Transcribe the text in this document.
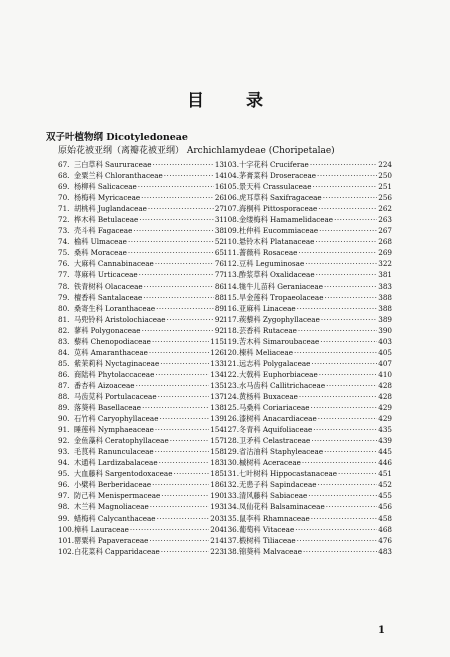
目 录
双子叶植物纲 Dicotyledoneae
原始花被亚纲（离瓣花被亚纲） Archichlamydeae (Choripetalae)
67. 三白草科 Saururaceae ·····	13
68. 金粟兰科 Chloranthaceae ·····	14
69. 杨柳科 Salicaceae ·····	16
70. 杨梅科 Myricaceae ·····	26
71. 胡桃科 Juglandaceae ·····	27
72. 桦木科 Betulaceae ·····	31
73. 壳斗科 Fagaceae ·····	38
74. 榆科 Ulmaceae ·····	52
75. 桑科 Moraceae ·····	65
76. 大麻科 Cannabinaceae ·····	76
77. 荨麻科 Urticaceae ·····	77
78. 铁青树科 Olacaceae ·····	86
79. 檀香科 Santalaceae ·····	88
80. 桑寄生科 Loranthaceae ·····	89
81. 马兜铃科 Aristolochiaceae ·····	92
82. 蓼科 Polygonaceae ·····	92
83. 藜科 Chenopodiaceae ·····	115
84. 苋科 Amaranthaceae ·····	126
85. 紫茉莉科 Nyctaginaceae ·····	133
86. 商陆科 Phytolaccaceae ·····	134
87. 番杏科 Aizoaceae ·····	135
88. 马齿苋科 Portulacaceae ·····	137
89. 落葵科 Basellaceae ·····	138
90. 石竹科 Caryophyllaceae ·····	139
91. 睡莲科 Nymphaeaceae ·····	154
92. 金鱼藻科 Ceratophyllaceae ·····	157
93. 毛茛科 Ranunculaceae ·····	158
94. 木通科 Lardizabalaceae ·····	183
95. 大血藤科 Sargentodoxaceae ·····	185
96. 小檗科 Berberidaceae ·····	186
97. 防己科 Menispermaceae ·····	190
98. 木兰科 Magnoliaceae ·····	193
99. 蜡梅科 Calycanthaceae ·····	203
100. 樟科 Lauraceae ·····	204
101. 罂粟科 Papaveraceae ·····	214
102. 白花菜科 Capparidaceae ·····	223
103. 十字花科 Cruciferae ·····	224
104. 茅膏菜科 Droseraceae ·····	250
105. 景天科 Crassulaceae ·····	251
106. 虎耳草科 Saxifragaceae ·····	256
107. 海桐科 Pittosporaceae ·····	262
108. 金缕梅科 Hamamelidaceae ·····	263
109. 杜仲科 Eucommiaceae ·····	267
110. 悬铃木科 Platanaceae ·····	268
111. 蔷薇科 Rosaceae ·····	269
112. 豆科 Leguminosae ·····	322
113. 酢浆草科 Oxalidaceae ·····	381
114. 牻牛儿苗科 Geraniaceae ·····	383
115. 旱金莲科 Tropaeolaceae ·····	388
116. 亚麻科 Linaceae ·····	388
117. 蒺藜科 Zygophyllaceae ·····	389
118. 芸香科 Rutaceae ·····	390
119. 苦木科 Simaroubaceae ·····	403
120. 楝科 Meliaceae ·····	405
121. 远志科 Polygalaceae ·····	407
122. 大戟科 Euphorbiaceae ·····	410
123. 水马齿科 Callitrichaceae ·····	428
124. 黄杨科 Buxaceae ·····	428
125. 马桑科 Coriariaceae ·····	429
126. 漆树科 Anacardiaceae ·····	429
127. 冬青科 Aquifoliaceae ·····	435
128. 卫矛科 Celastraceae ·····	439
129. 省沽油科 Staphyleaceae ·····	445
130. 槭树科 Aceraceae ·····	446
131. 七叶树科 Hippocastanaceae ·····	451
132. 无患子科 Sapindaceae ·····	452
133. 清风藤科 Sabiaceae ·····	455
134. 凤仙花科 Balsaminaceae ·····	456
135. 鼠李科 Rhamnaceae ·····	458
136. 葡萄科 Vitaceae ·····	468
137. 椴树科 Tiliaceae ·····	476
138. 锦葵科 Malvaceae ·····	483
1
